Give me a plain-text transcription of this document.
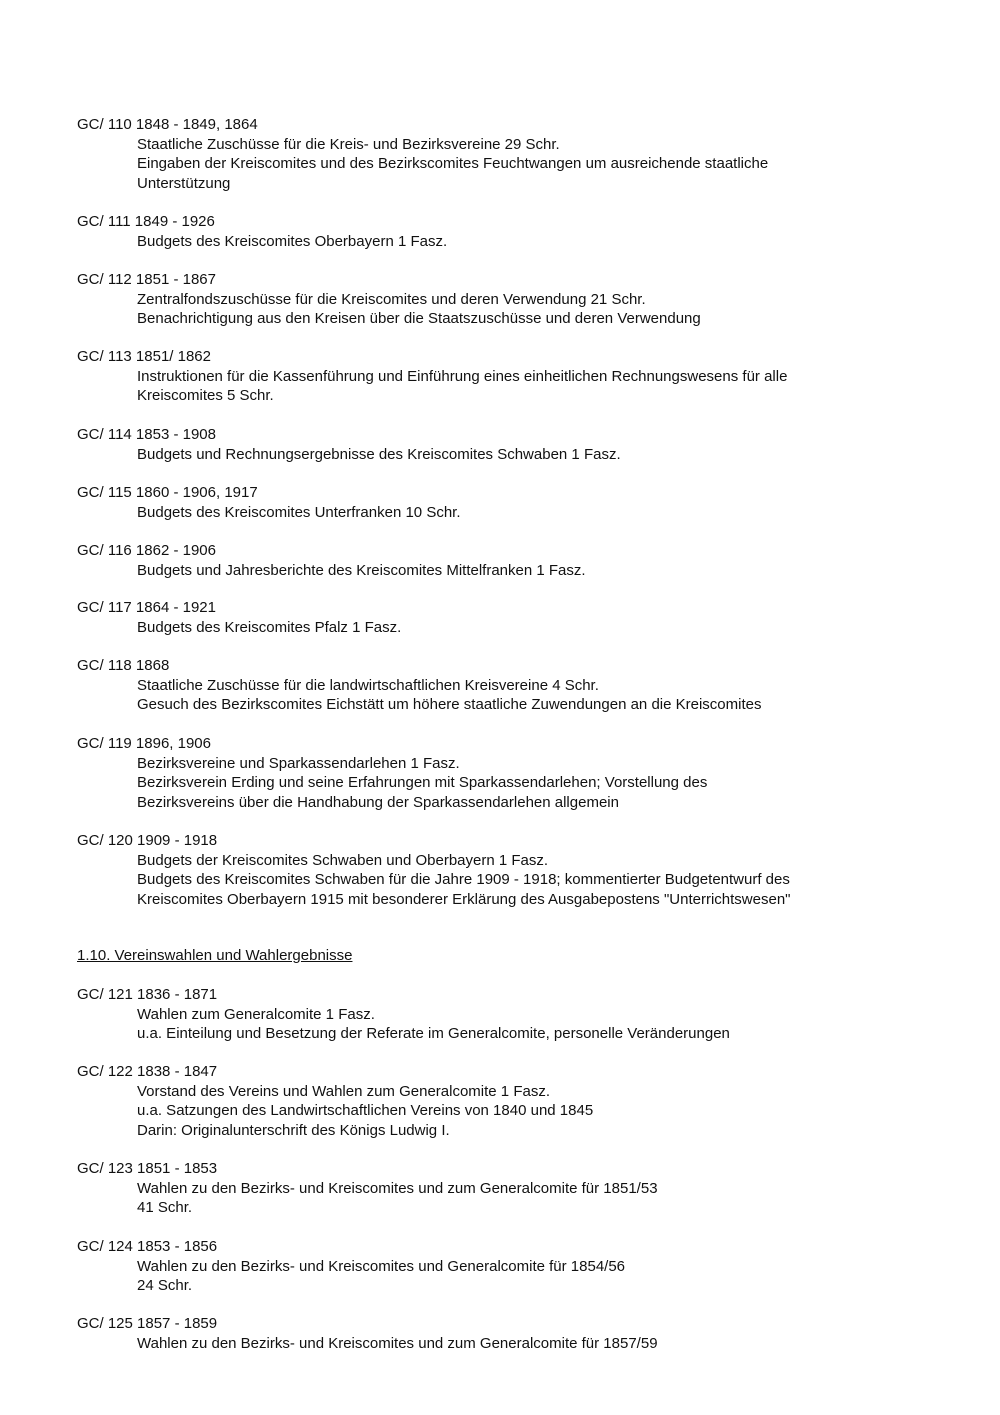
GC/ 110 1848 - 1849, 1864

Staatliche Zuschüsse für die Kreis- und Bezirksvereine 29 Schr.
Eingaben der Kreiscomites und des Bezirkscomites Feuchtwangen um ausreichende staatliche
Unterstützung

GC/ 111 1849 - 1926

Budgets des Kreiscomites Oberbayern 1 Fasz.

GC/ 112 1851 - 1867

Zentralfondszuschüsse für die Kreiscomites und deren Verwendung 21 Schr.
Benachrichtigung aus den Kreisen über die Staatszuschüsse und deren Verwendung

GC/ 113 1851/ 1862

Instruktionen für die Kassenführung und Einführung eines einheitlichen Rechnungswesens für alle
Kreiscomites 5 Schr.

GC/ 114 1853 - 1908

Budgets und Rechnungsergebnisse des Kreiscomites Schwaben 1 Fasz.

GC/ 115 1860 - 1906, 1917

Budgets des Kreiscomites Unterfranken 10 Schr.

GC/ 116 1862 - 1906

Budgets und Jahresberichte des Kreiscomites Mittelfranken 1 Fasz.

GC/ 117 1864 - 1921

Budgets des Kreiscomites Pfalz 1 Fasz.

GC/ 118 1868

Staatliche Zuschüsse für die landwirtschaftlichen Kreisvereine 4 Schr.
Gesuch des Bezirkscomites Eichstätt um höhere staatliche Zuwendungen an die Kreiscomites

GC/ 119 1896, 1906

Bezirksvereine und Sparkassendarlehen 1 Fasz.
Bezirksverein Erding und seine Erfahrungen mit Sparkassendarlehen; Vorstellung des
Bezirksvereins über die Handhabung der Sparkassendarlehen allgemein

GC/ 120 1909 - 1918

Budgets der Kreiscomites Schwaben und Oberbayern 1 Fasz.
Budgets des Kreiscomites Schwaben für die Jahre 1909 - 1918; kommentierter Budgetentwurf des
Kreiscomites Oberbayern 1915 mit besonderer Erklärung des Ausgabepostens "Unterrichtswesen"

1.10. Vereinswahlen und Wahlergebnisse

GC/ 121 1836 - 1871

Wahlen zum Generalcomite 1 Fasz.
u.a. Einteilung und Besetzung der Referate im Generalcomite, personelle Veränderungen

GC/ 122 1838 - 1847

Vorstand des Vereins und Wahlen zum Generalcomite 1 Fasz.
u.a. Satzungen des Landwirtschaftlichen Vereins von 1840 und 1845
Darin: Originalunterschrift des Königs Ludwig I.

GC/ 123 1851 - 1853

Wahlen zu den Bezirks- und Kreiscomites und zum Generalcomite für 1851/53
41 Schr.

GC/ 124 1853 - 1856

Wahlen zu den Bezirks- und Kreiscomites und Generalcomite für 1854/56
24 Schr.

GC/ 125 1857 - 1859

Wahlen zu den Bezirks- und Kreiscomites und zum Generalcomite für 1857/59
